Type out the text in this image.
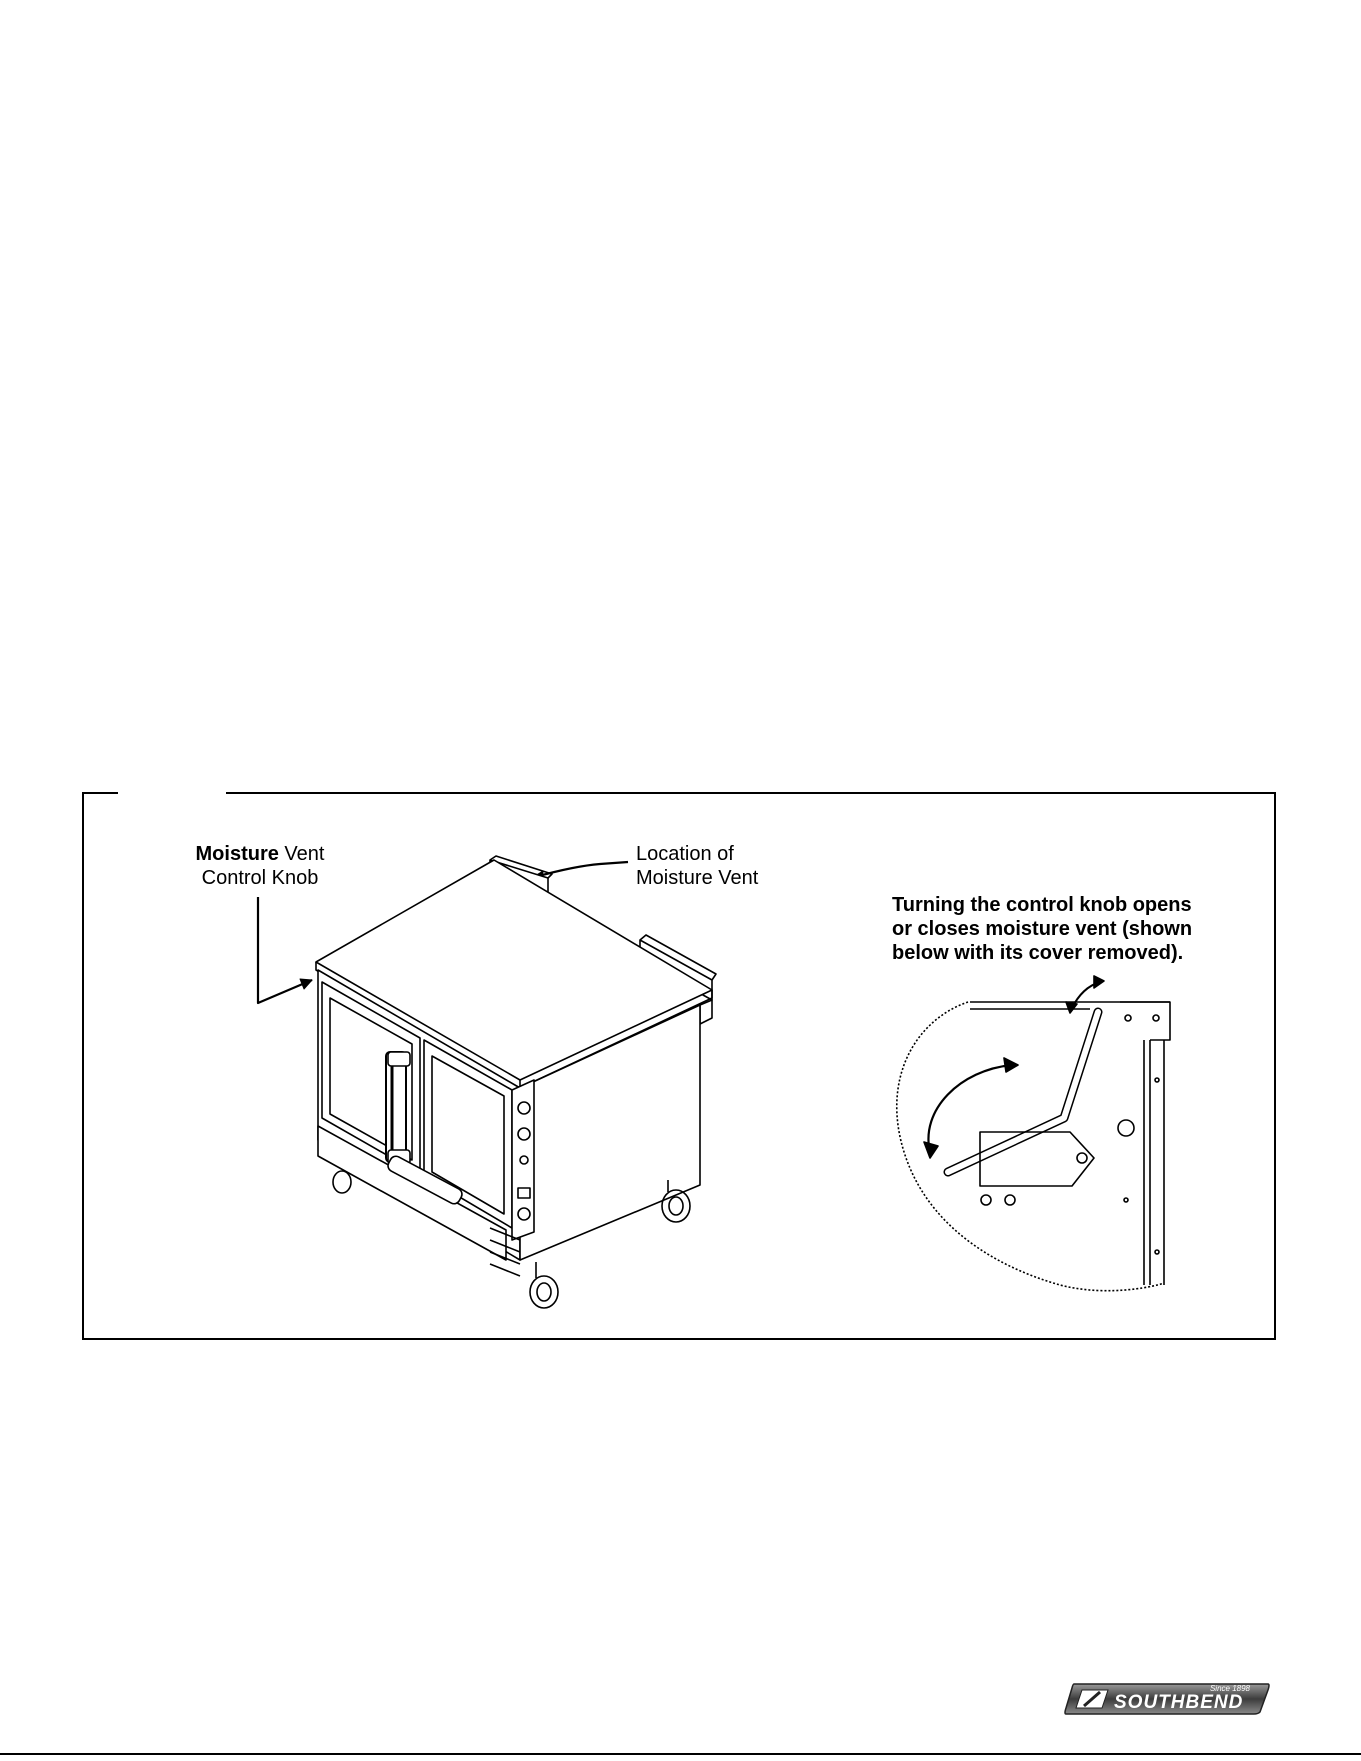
Moisture Vent
Control Knob
Location of
Moisture Vent
Turning the control knob opens
or closes moisture vent (shown
below with its cover removed).
Since 1898
SOUTHBEND
